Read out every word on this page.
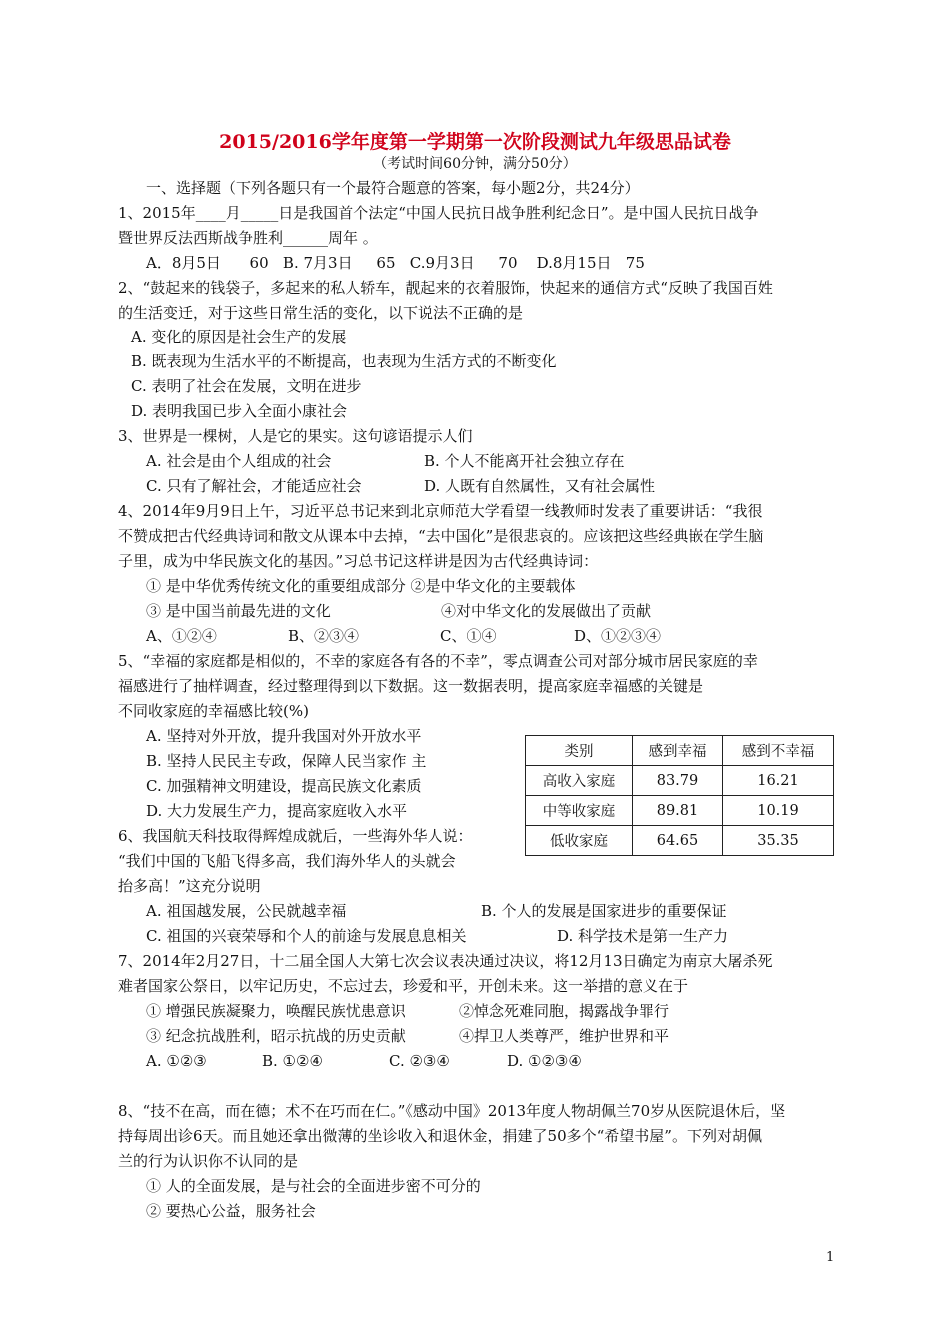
2015/2016学年度第一学期第一次阶段测试九年级思品试卷
（考试时间60分钟，满分50分）
一、选择题（下列各题只有一个最符合题意的答案，每小题2分，共24分）
1、2015年____月_____日是我国首个法定“中国人民抗日战争胜利纪念日”。是中国人民抗日战争
暨世界反法西斯战争胜利______周年 。
A．8月5日      60   B. 7月3日     65   C.9月3日     70    D.8月15日   75
2、“鼓起来的钱袋子，多起来的私人轿车，靓起来的衣着服饰，快起来的通信方式“反映了我国百姓
的生活变迁，对于这些日常生活的变化，以下说法不正确的是
A. 变化的原因是社会生产的发展
B. 既表现为生活水平的不断提高，也表现为生活方式的不断变化
C. 表明了社会在发展，文明在进步
D. 表明我国已步入全面小康社会
3、世界是一棵树，人是它的果实。这句谚语提示人们
A. 社会是由个人组成的社会	B. 个人不能离开社会独立存在
C. 只有了解社会，才能适应社会	D. 人既有自然属性，又有社会属性
4、2014年9月9日上午，习近平总书记来到北京师范大学看望一线教师时发表了重要讲话：“我很
不赞成把古代经典诗词和散文从课本中去掉，“去中国化”是很悲哀的。应该把这些经典嵌在学生脑
子里，成为中华民族文化的基因。”习总书记这样讲是因为古代经典诗词：
① 是中华优秀传统文化的重要组成部分 ②是中华文化的主要载体
③ 是中国当前最先进的文化	④对中华文化的发展做出了贡献
A、①②④	B、②③④	C、①④	D、①②③④
5、“幸福的家庭都是相似的，不幸的家庭各有各的不幸”，零点调查公司对部分城市居民家庭的幸
福感进行了抽样调查，经过整理得到以下数据。这一数据表明，提高家庭幸福感的关键是
不同收家庭的幸福感比较(%)
A. 坚持对外开放，提升我国对外开放水平
B. 坚持人民民主专政，保障人民当家作 主
C. 加强精神文明建设，提高民族文化素质
D. 大力发展生产力，提高家庭收入水平
类别	感到幸福	感到不幸福
高收入家庭	83.79	16.21
中等收家庭	89.81	10.19
低收家庭	64.65	35.35
6、我国航天科技取得辉煌成就后，一些海外华人说：
“我们中国的飞船飞得多高，我们海外华人的头就会
抬多高！”这充分说明
A. 祖国越发展，公民就越幸福	B. 个人的发展是国家进步的重要保证
C. 祖国的兴衰荣辱和个人的前途与发展息息相关	D. 科学技术是第一生产力
7、2014年2月27日，十二届全国人大第七次会议表决通过决议，将12月13日确定为南京大屠杀死
难者国家公祭日，以牢记历史，不忘过去，珍爱和平，开创未来。这一举措的意义在于
① 增强民族凝聚力，唤醒民族忧患意识	②悼念死难同胞，揭露战争罪行
③ 纪念抗战胜利，昭示抗战的历史贡献	④捍卫人类尊严，维护世界和平
A. ①②③	B. ①②④	C. ②③④	D. ①②③④
8、“技不在高，而在德；术不在巧而在仁。”《感动中国》2013年度人物胡佩兰70岁从医院退休后，坚
持每周出诊6天。而且她还拿出微薄的坐诊收入和退休金，捐建了50多个“希望书屋”。下列对胡佩
兰的行为认识你不认同的是
① 人的全面发展，是与社会的全面进步密不可分的
② 要热心公益，服务社会
1
